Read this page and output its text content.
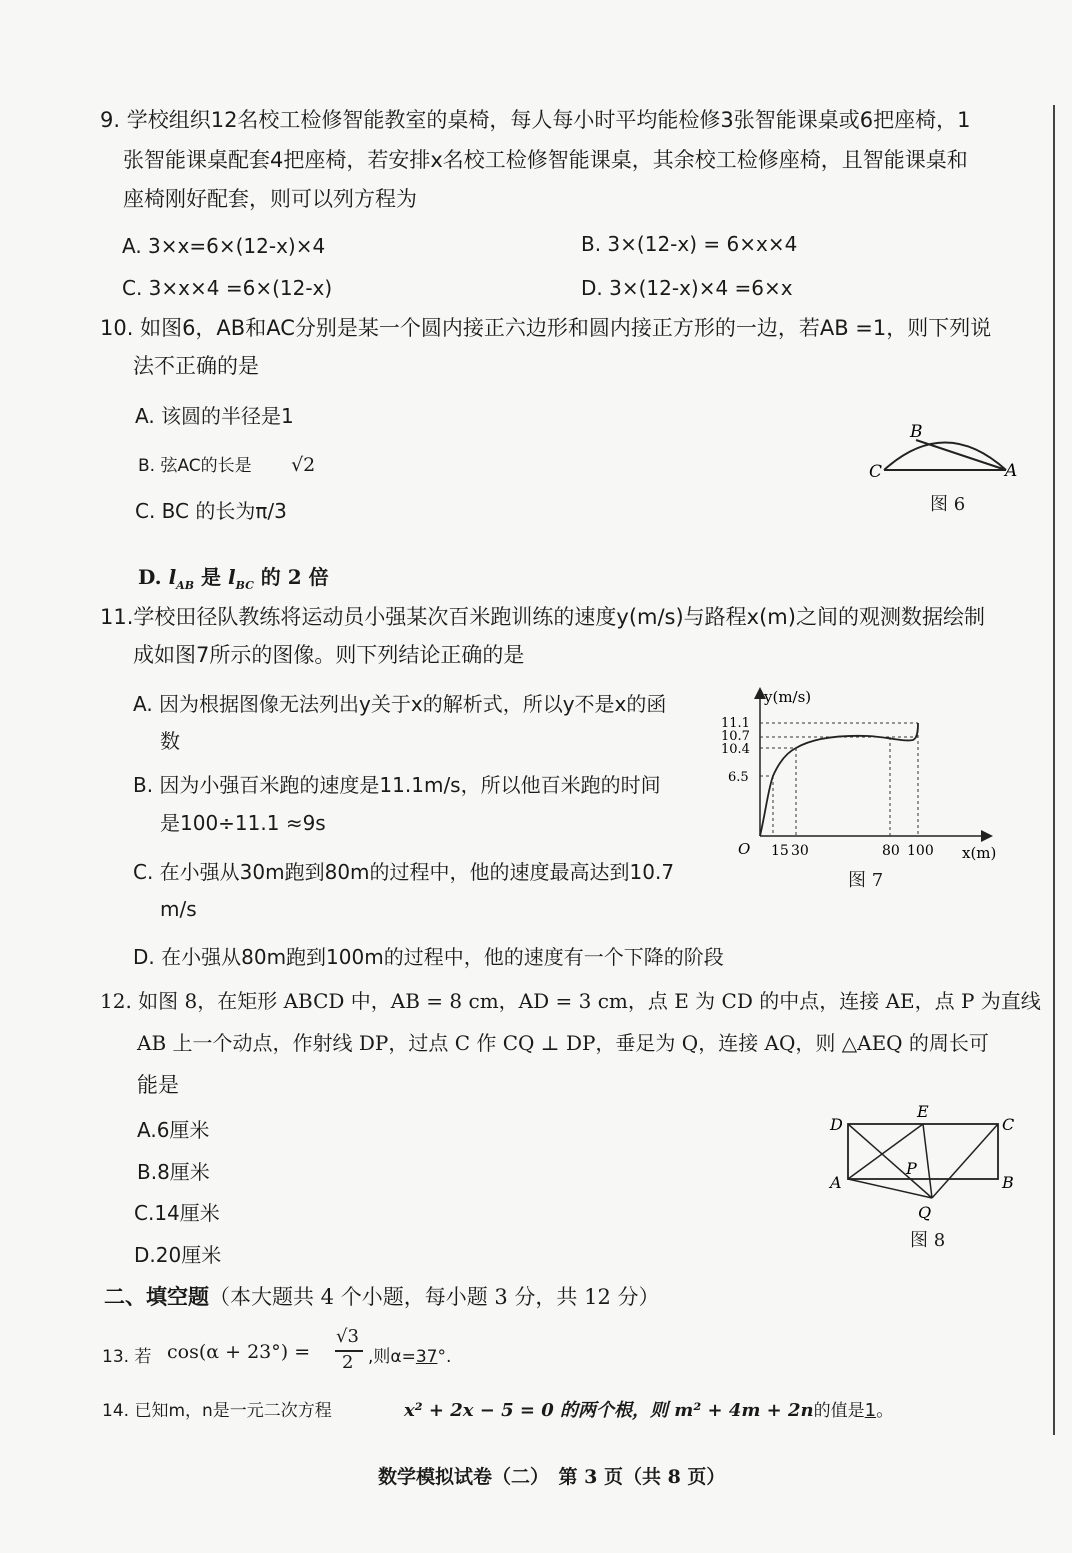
9. 学校组织12名校工检修智能教室的桌椅，每人每小时平均能检修3张智能课桌或6把座椅，1
张智能课桌配套4把座椅，若安排x名校工检修智能课桌，其余校工检修座椅，且智能课桌和
座椅刚好配套，则可以列方程为
A. 3×x=6×(12-x)×4	B. 3×(12-x) = 6×x×4
C. 3×x×4 =6×(12-x)	D. 3×(12-x)×4 =6×x
10. 如图6，AB和AC分别是某一个圆内接正六边形和圆内接正方形的一边，若AB =1，则下列说
法不正确的是
A. 该圆的半径是1
B. 弦AC的长是 √2
C. BC 的长为π/3
D. $l_{AB}$ 是 $l_{BC}$ 的 2 倍
B
C	A
图 6
11.学校田径队教练将运动员小强某次百米跑训练的速度y(m/s)与路程x(m)之间的观测数据绘制
成如图7所示的图像。则下列结论正确的是
A. 因为根据图像无法列出y关于x的解析式，所以y不是x的函
数
B. 因为小强百米跑的速度是11.1m/s，所以他百米跑的时间
是100÷11.1 ≈9s
C. 在小强从30m跑到80m的过程中，他的速度最高达到10.7
m/s
D. 在小强从80m跑到100m的过程中，他的速度有一个下降的阶段
y(m/s)
x(m)
O
11.1
10.7
10.4
6.5
15 30	80 100
图 7
12. 如图 8，在矩形 ABCD 中，AB = 8 cm，AD = 3 cm，点 E 为 CD 的中点，连接 AE，点 P 为直线
AB 上一个动点，作射线 DP，过点 C 作 CQ ⊥ DP，垂足为 Q，连接 AQ，则 △AEQ 的周长可
能是
A.6厘米
B.8厘米
C.14厘米
D.20厘米
D
E
C
A	B
P
Q
图 8
二、填空题（本大题共 4 个小题，每小题 3 分，共 12 分）
13. 若 cos(α + 23°) =
√3
2 ,则α=37°.
14. 已知m，n是一元二次方程	x² + 2x − 5 = 0 的两个根，则 m² + 4m + 2n的值是1。
数学模拟试卷（二）　第 3 页（共 8 页）
